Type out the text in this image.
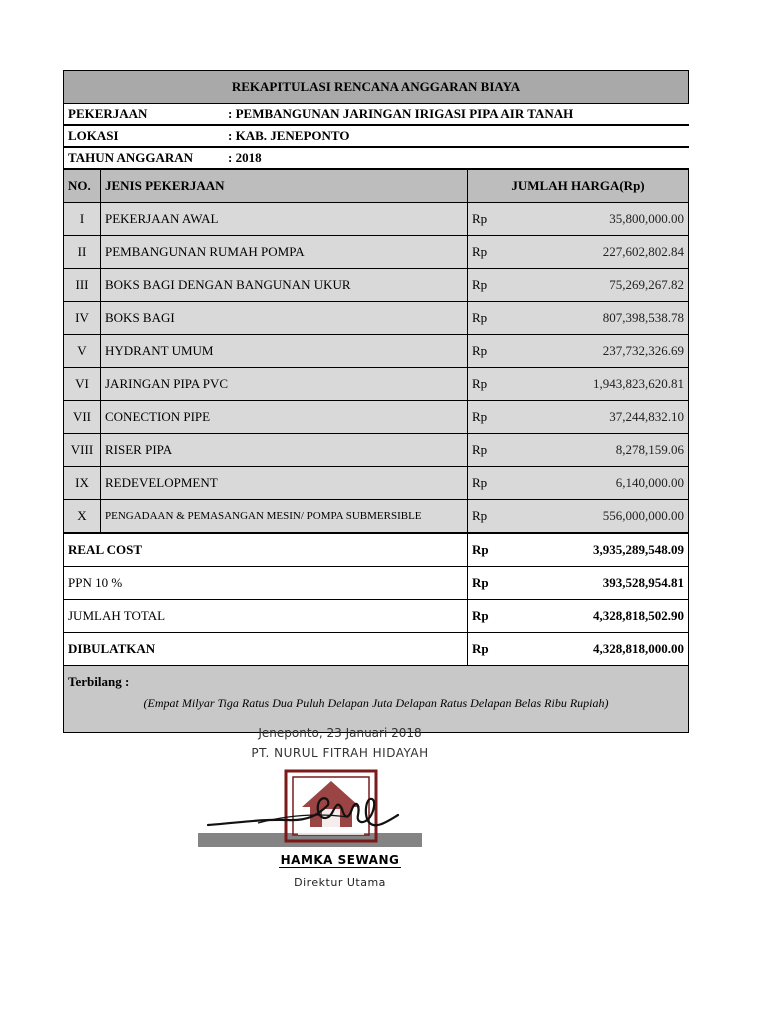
REKAPITULASI RENCANA ANGGARAN BIAYA			
PEKERJAAN : PEMBANGUNAN JARINGAN IRIGASI PIPA AIR TANAH			
LOKASI : KAB. JENEPONTO			
TAHUN ANGGARAN : 2018			
NO.	JENIS PEKERJAAN	JUMLAH HARGA(Rp)	
I	PEKERJAAN AWAL	Rp	35,800,000.00
II	PEMBANGUNAN RUMAH POMPA	Rp	227,602,802.84
III	BOKS BAGI DENGAN BANGUNAN UKUR	Rp	75,269,267.82
IV	BOKS BAGI	Rp	807,398,538.78
V	HYDRANT UMUM	Rp	237,732,326.69
VI	JARINGAN PIPA PVC	Rp	1,943,823,620.81
VII	CONECTION PIPE	Rp	37,244,832.10
VIII	RISER PIPA	Rp	8,278,159.06
IX	REDEVELOPMENT	Rp	6,140,000.00
X	PENGADAAN & PEMASANGAN MESIN/ POMPA SUBMERSIBLE	Rp	556,000,000.00
REAL COST		Rp	3,935,289,548.09
PPN 10 %		Rp	393,528,954.81
JUMLAH TOTAL		Rp	4,328,818,502.90
DIBULATKAN		Rp	4,328,818,000.00

Terbilang :
(Empat Milyar Tiga Ratus Dua Puluh Delapan Juta Delapan Ratus Delapan Belas Ribu Rupiah)			
Jeneponto, 23 Januari 2018
PT. NURUL FITRAH HIDAYAH
HAMKA SEWANG
Direktur Utama
